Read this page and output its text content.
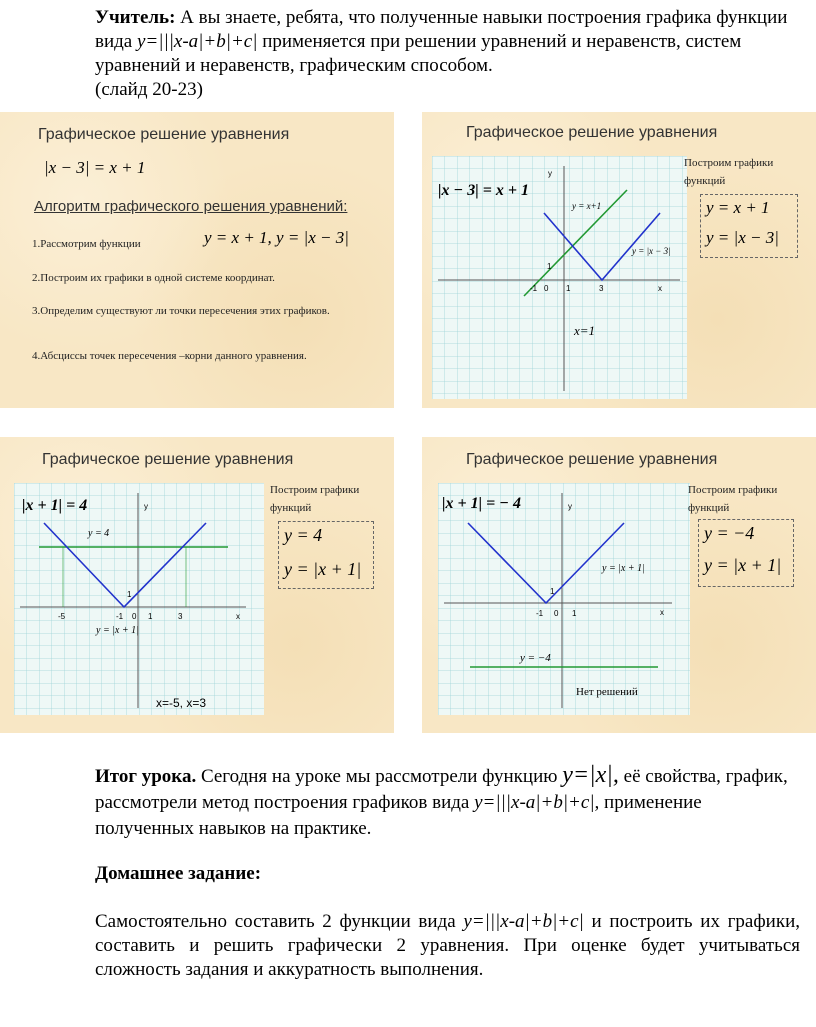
Учитель: А вы знаете, ребята, что полученные навыки построения графика функции вида y=|||x-a|+b|+c| применяется при решении уравнений и неравенств, систем уравнений и неравенств, графическим способом.
(слайд 20-23)
Графическое решение уравнения
|x − 3| = x + 1
Алгоритм графического решения уравнений:
1.Рассмотрим функции	y = x + 1, y = |x − 3|
2.Построим их графики в одной системе координат.
3.Определим существуют ли точки пересечения этих графиков.
4.Абсциссы точек пересечения –корни данного уравнения.
Графическое решение уравнения
y
x
-1 0 1	3
1
y = x+1
y = |x − 3|
x=1
|x − 3| = x + 1
Построим графики функций
y = x + 1
y = |x − 3|
Графическое решение уравнения
y
x
-5	-1 0 1	3
1
y = 4
y = |x + 1|
x=-5, x=3
|x + 1| = 4
Построим графики функций
y = 4
y = |x + 1|
Графическое решение уравнения
y
x
-1 0 1
1
y = |x + 1|
y = −4
Нет решений
|x + 1| = − 4
Построим графики функций
y = −4
y = |x + 1|
Итог урока. Сегодня на уроке мы рассмотрели функцию y=|x|, её свойства, график, рассмотрели метод построения графиков вида y=|||x-a|+b|+c|, применение полученных навыков на практике.
Домашнее задание:
Самостоятельно составить 2 функции вида y=|||x-a|+b|+c| и построить их графики, составить и решить графически 2 уравнения. При оценке будет учитываться сложность задания и аккуратность выполнения.
